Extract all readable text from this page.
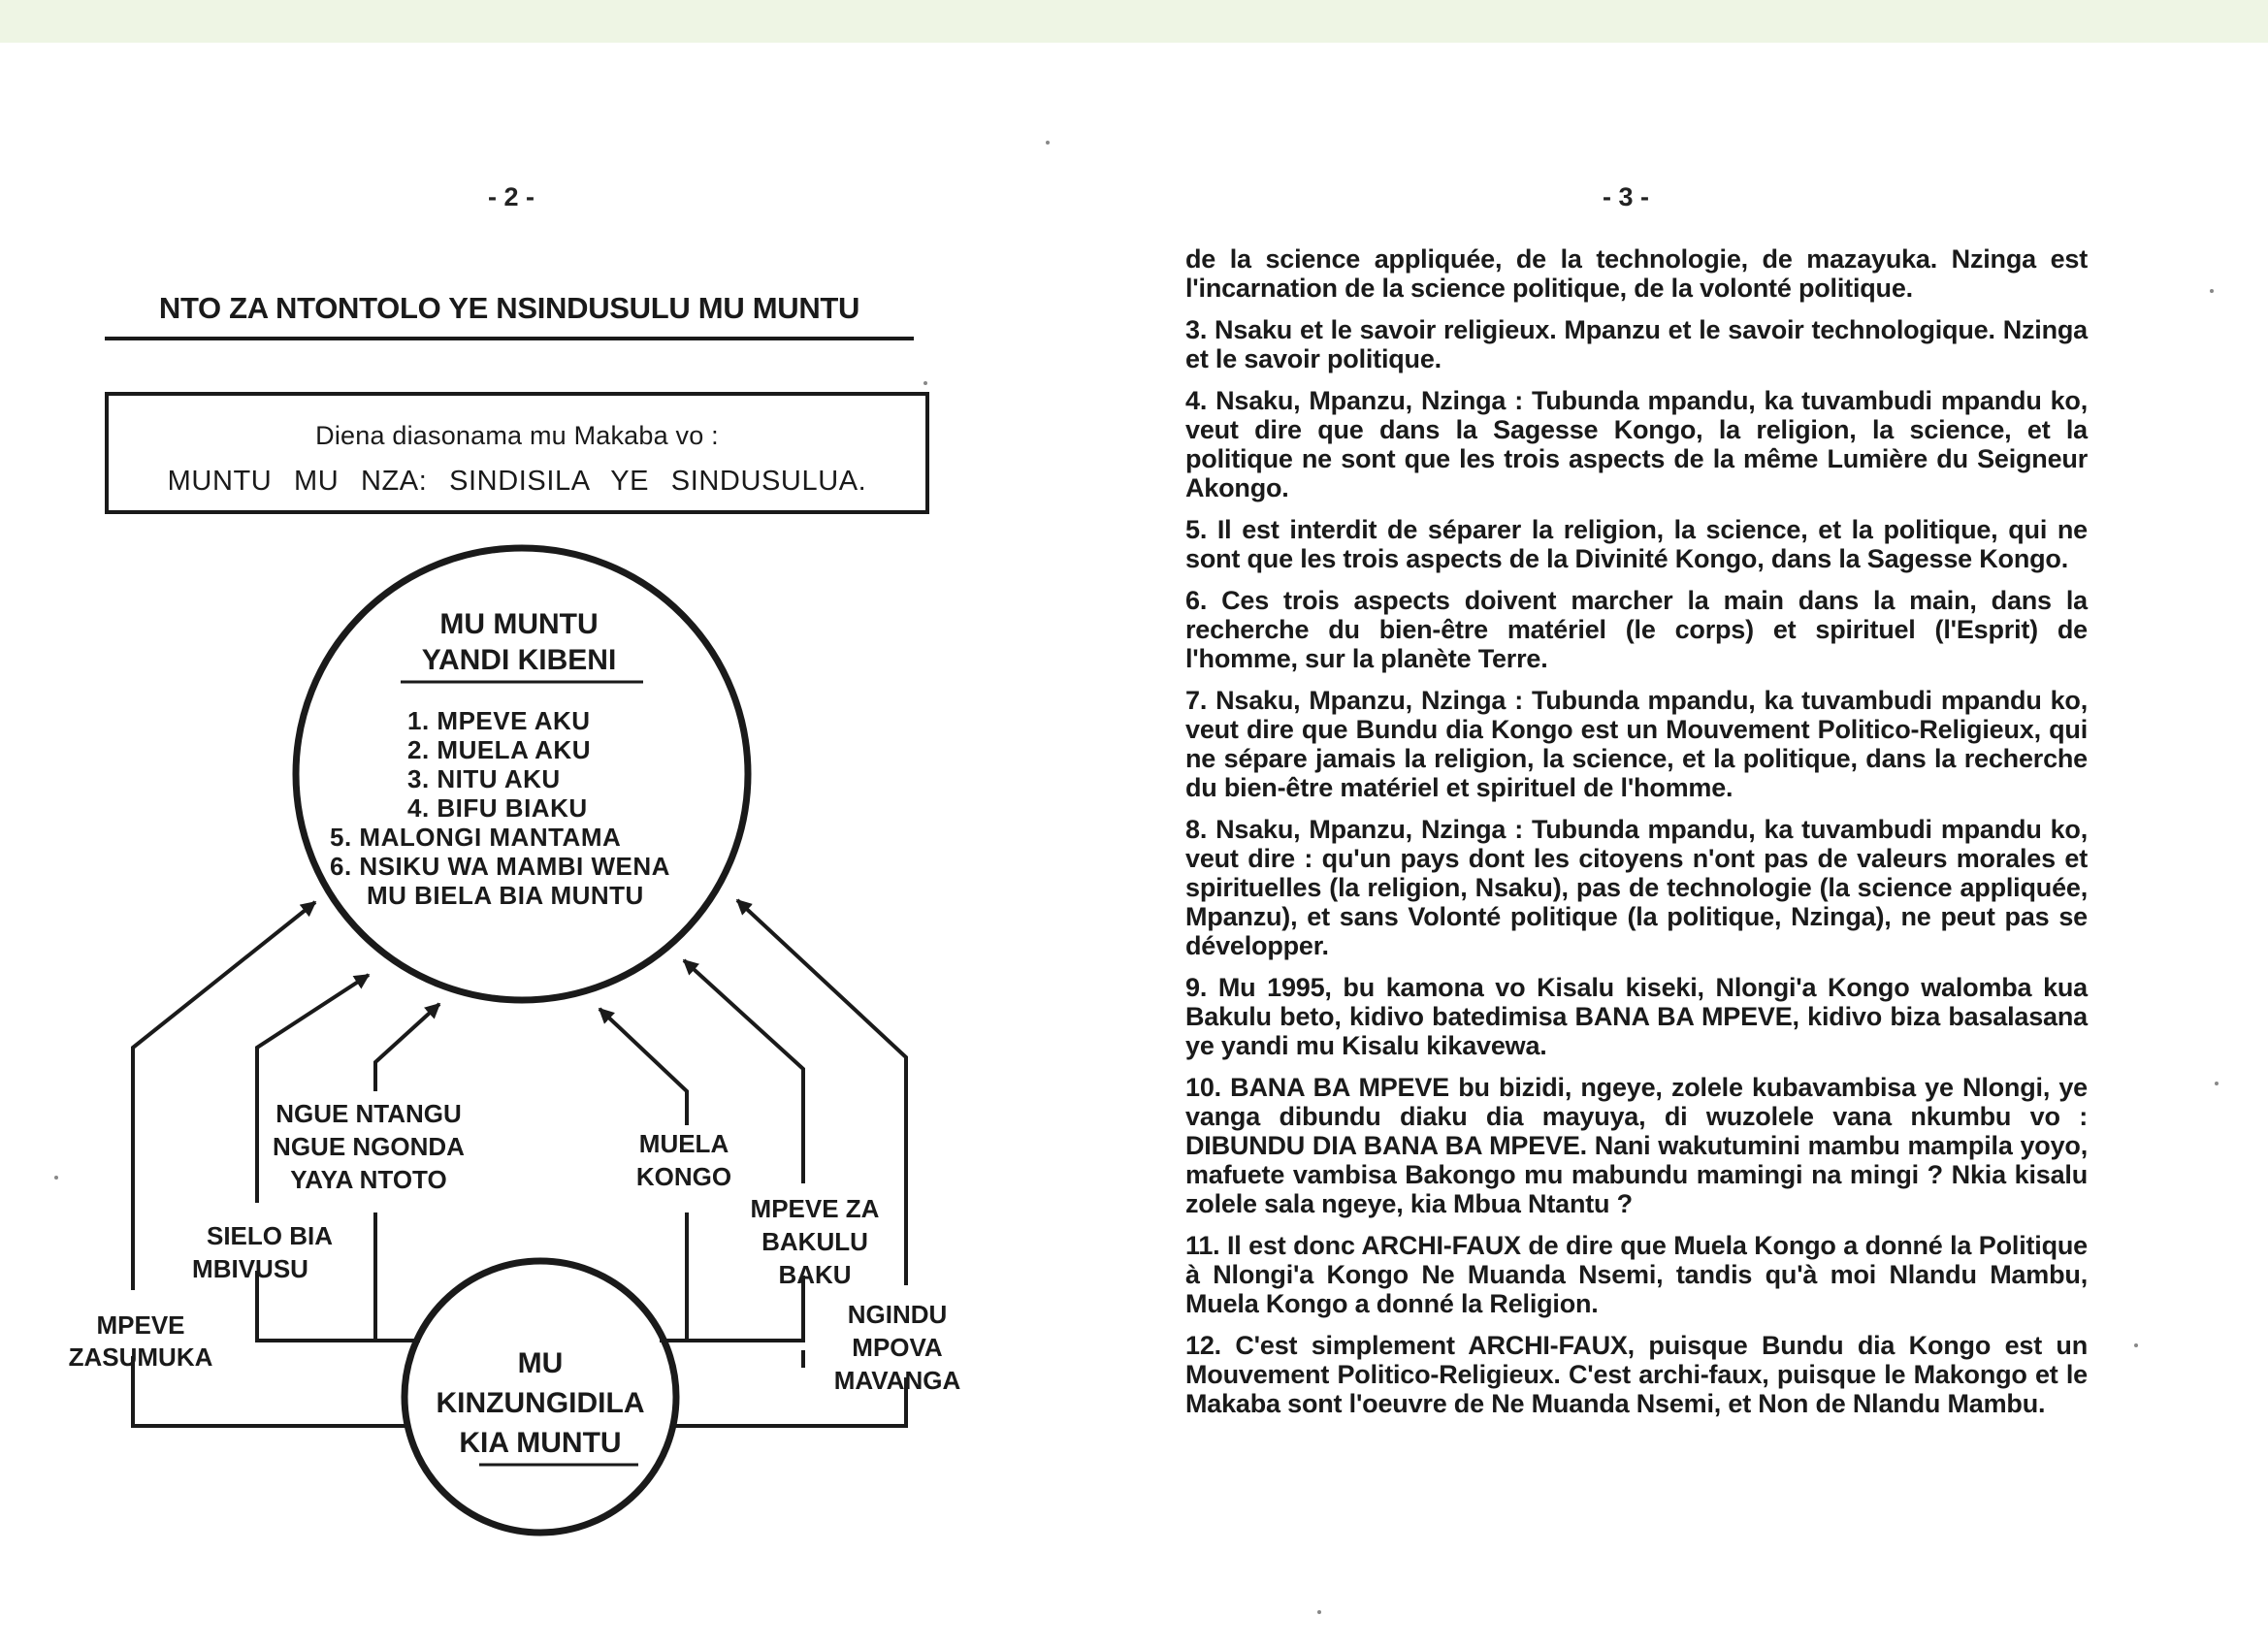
- 2 -	- 3 -
NTO ZA NTONTOLO YE NSINDUSULU MU MUNTU
Diena diasonama mu Makaba vo :
MUNTU MU NZA: SINDISILA YE SINDUSULUA.
MU MUNTU
YANDI KIBENI
1. MPEVE AKU
2. MUELA AKU
3. NITU AKU
4. BIFU BIAKU
5. MALONGI MANTAMA
6. NSIKU WA MAMBI WENA
MU BIELA BIA MUNTU
MU
KINZUNGIDILA
KIA MUNTU
NGUE NTANGU
NGUE NGONDA
YAYA NTOTO
SIELO BIA
MBIVUSU
MPEVE
ZASUMUKA
MUELA
KONGO
MPEVE ZA
BAKULU
BAKU
NGINDU
MPOVA
MAVANGA

de la science appliquée, de la technologie, de mazayuka. Nzinga est l'incarnation de la science politique, de la volonté politique.

3. Nsaku et le savoir religieux. Mpanzu et le savoir technologique. Nzinga et le savoir politique.

4. Nsaku, Mpanzu, Nzinga : Tubunda mpandu, ka tuvambudi mpandu ko, veut dire que dans la Sagesse Kongo, la religion, la science, et la politique ne sont que les trois aspects de la même Lumière du Seigneur Akongo.

5. Il est interdit de séparer la religion, la science, et la politique, qui ne sont que les trois aspects de la Divinité Kongo, dans la Sagesse Kongo.

6. Ces trois aspects doivent marcher la main dans la main, dans la recherche du bien-être matériel (le corps) et spirituel (l'Esprit) de l'homme, sur la planète Terre.

7. Nsaku, Mpanzu, Nzinga : Tubunda mpandu, ka tuvambudi mpandu ko, veut dire que Bundu dia Kongo est un Mouvement Politico-Religieux, qui ne sépare jamais la religion, la science, et la politique, dans la recherche du bien-être matériel et spirituel de l'homme.

8. Nsaku, Mpanzu, Nzinga : Tubunda mpandu, ka tuvambudi mpandu ko, veut dire : qu'un pays dont les citoyens n'ont pas de valeurs morales et spirituelles (la religion, Nsaku), pas de technologie (la science appliquée, Mpanzu), et sans Volonté politique (la politique, Nzinga), ne peut pas se développer.

9. Mu 1995, bu kamona vo Kisalu kiseki, Nlongi'a Kongo walomba kua Bakulu beto, kidivo batedimisa BANA BA MPEVE, kidivo biza basalasana ye yandi mu Kisalu kikavewa.

10. BANA BA MPEVE bu bizidi, ngeye, zolele kubavambisa ye Nlongi, ye vanga dibundu diaku dia mayuya, di wuzolele vana nkumbu vo : DIBUNDU DIA BANA BA MPEVE. Nani wakutumini mambu mampila yoyo, mafuete vambisa Bakongo mu mabundu mamingi na mingi ? Nkia kisalu zolele sala ngeye, kia Mbua Ntantu ?

11. Il est donc ARCHI-FAUX de dire que Muela Kongo a donné la Politique à Nlongi'a Kongo Ne Muanda Nsemi, tandis qu'à moi Nlandu Mambu, Muela Kongo a donné la Religion.

12. C'est simplement ARCHI-FAUX, puisque Bundu dia Kongo est un Mouvement Politico-Religieux. C'est archi-faux, puisque le Makongo et le Makaba sont l'oeuvre de Ne Muanda Nsemi, et Non de Nlandu Mambu.
